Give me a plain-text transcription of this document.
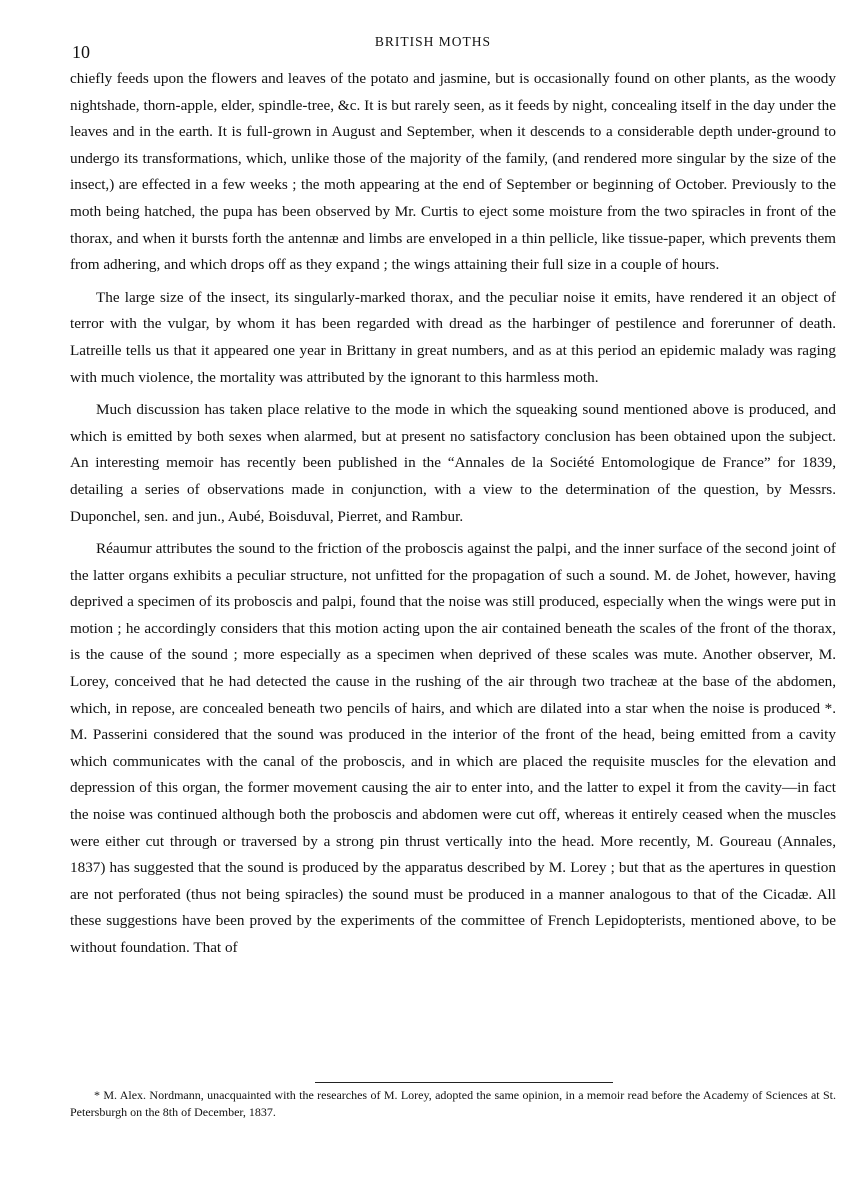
10
BRITISH MOTHS

chiefly feeds upon the flowers and leaves of the potato and jasmine, but is occasionally found on other plants, as the woody nightshade, thorn-apple, elder, spindle-tree, &c. It is but rarely seen, as it feeds by night, concealing itself in the day under the leaves and in the earth. It is full-grown in August and September, when it descends to a considerable depth under-ground to undergo its transformations, which, unlike those of the majority of the family, (and rendered more singular by the size of the insect,) are effected in a few weeks ; the moth appearing at the end of September or beginning of October. Previously to the moth being hatched, the pupa has been observed by Mr. Curtis to eject some moisture from the two spiracles in front of the thorax, and when it bursts forth the antennæ and limbs are enveloped in a thin pellicle, like tissue-paper, which prevents them from adhering, and which drops off as they expand ; the wings attaining their full size in a couple of hours.

The large size of the insect, its singularly-marked thorax, and the peculiar noise it emits, have rendered it an object of terror with the vulgar, by whom it has been regarded with dread as the harbinger of pestilence and forerunner of death. Latreille tells us that it appeared one year in Brittany in great numbers, and as at this period an epidemic malady was raging with much violence, the mortality was attributed by the ignorant to this harmless moth.

Much discussion has taken place relative to the mode in which the squeaking sound mentioned above is produced, and which is emitted by both sexes when alarmed, but at present no satisfactory conclusion has been obtained upon the subject. An interesting memoir has recently been published in the “Annales de la Société Entomologique de France” for 1839, detailing a series of observations made in conjunction, with a view to the determination of the question, by Messrs. Duponchel, sen. and jun., Aubé, Boisduval, Pierret, and Rambur.

Réaumur attributes the sound to the friction of the proboscis against the palpi, and the inner surface of the second joint of the latter organs exhibits a peculiar structure, not unfitted for the propagation of such a sound. M. de Johet, however, having deprived a specimen of its proboscis and palpi, found that the noise was still produced, especially when the wings were put in motion ; he accordingly considers that this motion acting upon the air contained beneath the scales of the front of the thorax, is the cause of the sound ; more especially as a specimen when deprived of these scales was mute. Another observer, M. Lorey, conceived that he had detected the cause in the rushing of the air through two tracheæ at the base of the abdomen, which, in repose, are concealed beneath two pencils of hairs, and which are dilated into a star when the noise is produced *. M. Passerini considered that the sound was produced in the interior of the front of the head, being emitted from a cavity which communicates with the canal of the proboscis, and in which are placed the requisite muscles for the elevation and depression of this organ, the former movement causing the air to enter into, and the latter to expel it from the cavity—in fact the noise was continued although both the proboscis and abdomen were cut off, whereas it entirely ceased when the muscles were either cut through or traversed by a strong pin thrust vertically into the head. More recently, M. Goureau (Annales, 1837) has suggested that the sound is produced by the apparatus described by M. Lorey ; but that as the apertures in question are not perforated (thus not being spiracles) the sound must be produced in a manner analogous to that of the Cicadæ. All these suggestions have been proved by the experiments of the committee of French Lepidopterists, mentioned above, to be without foundation. That of

* M. Alex. Nordmann, unacquainted with the researches of M. Lorey, adopted the same opinion, in a memoir read before the Academy of Sciences at St. Petersburgh on the 8th of December, 1837.
